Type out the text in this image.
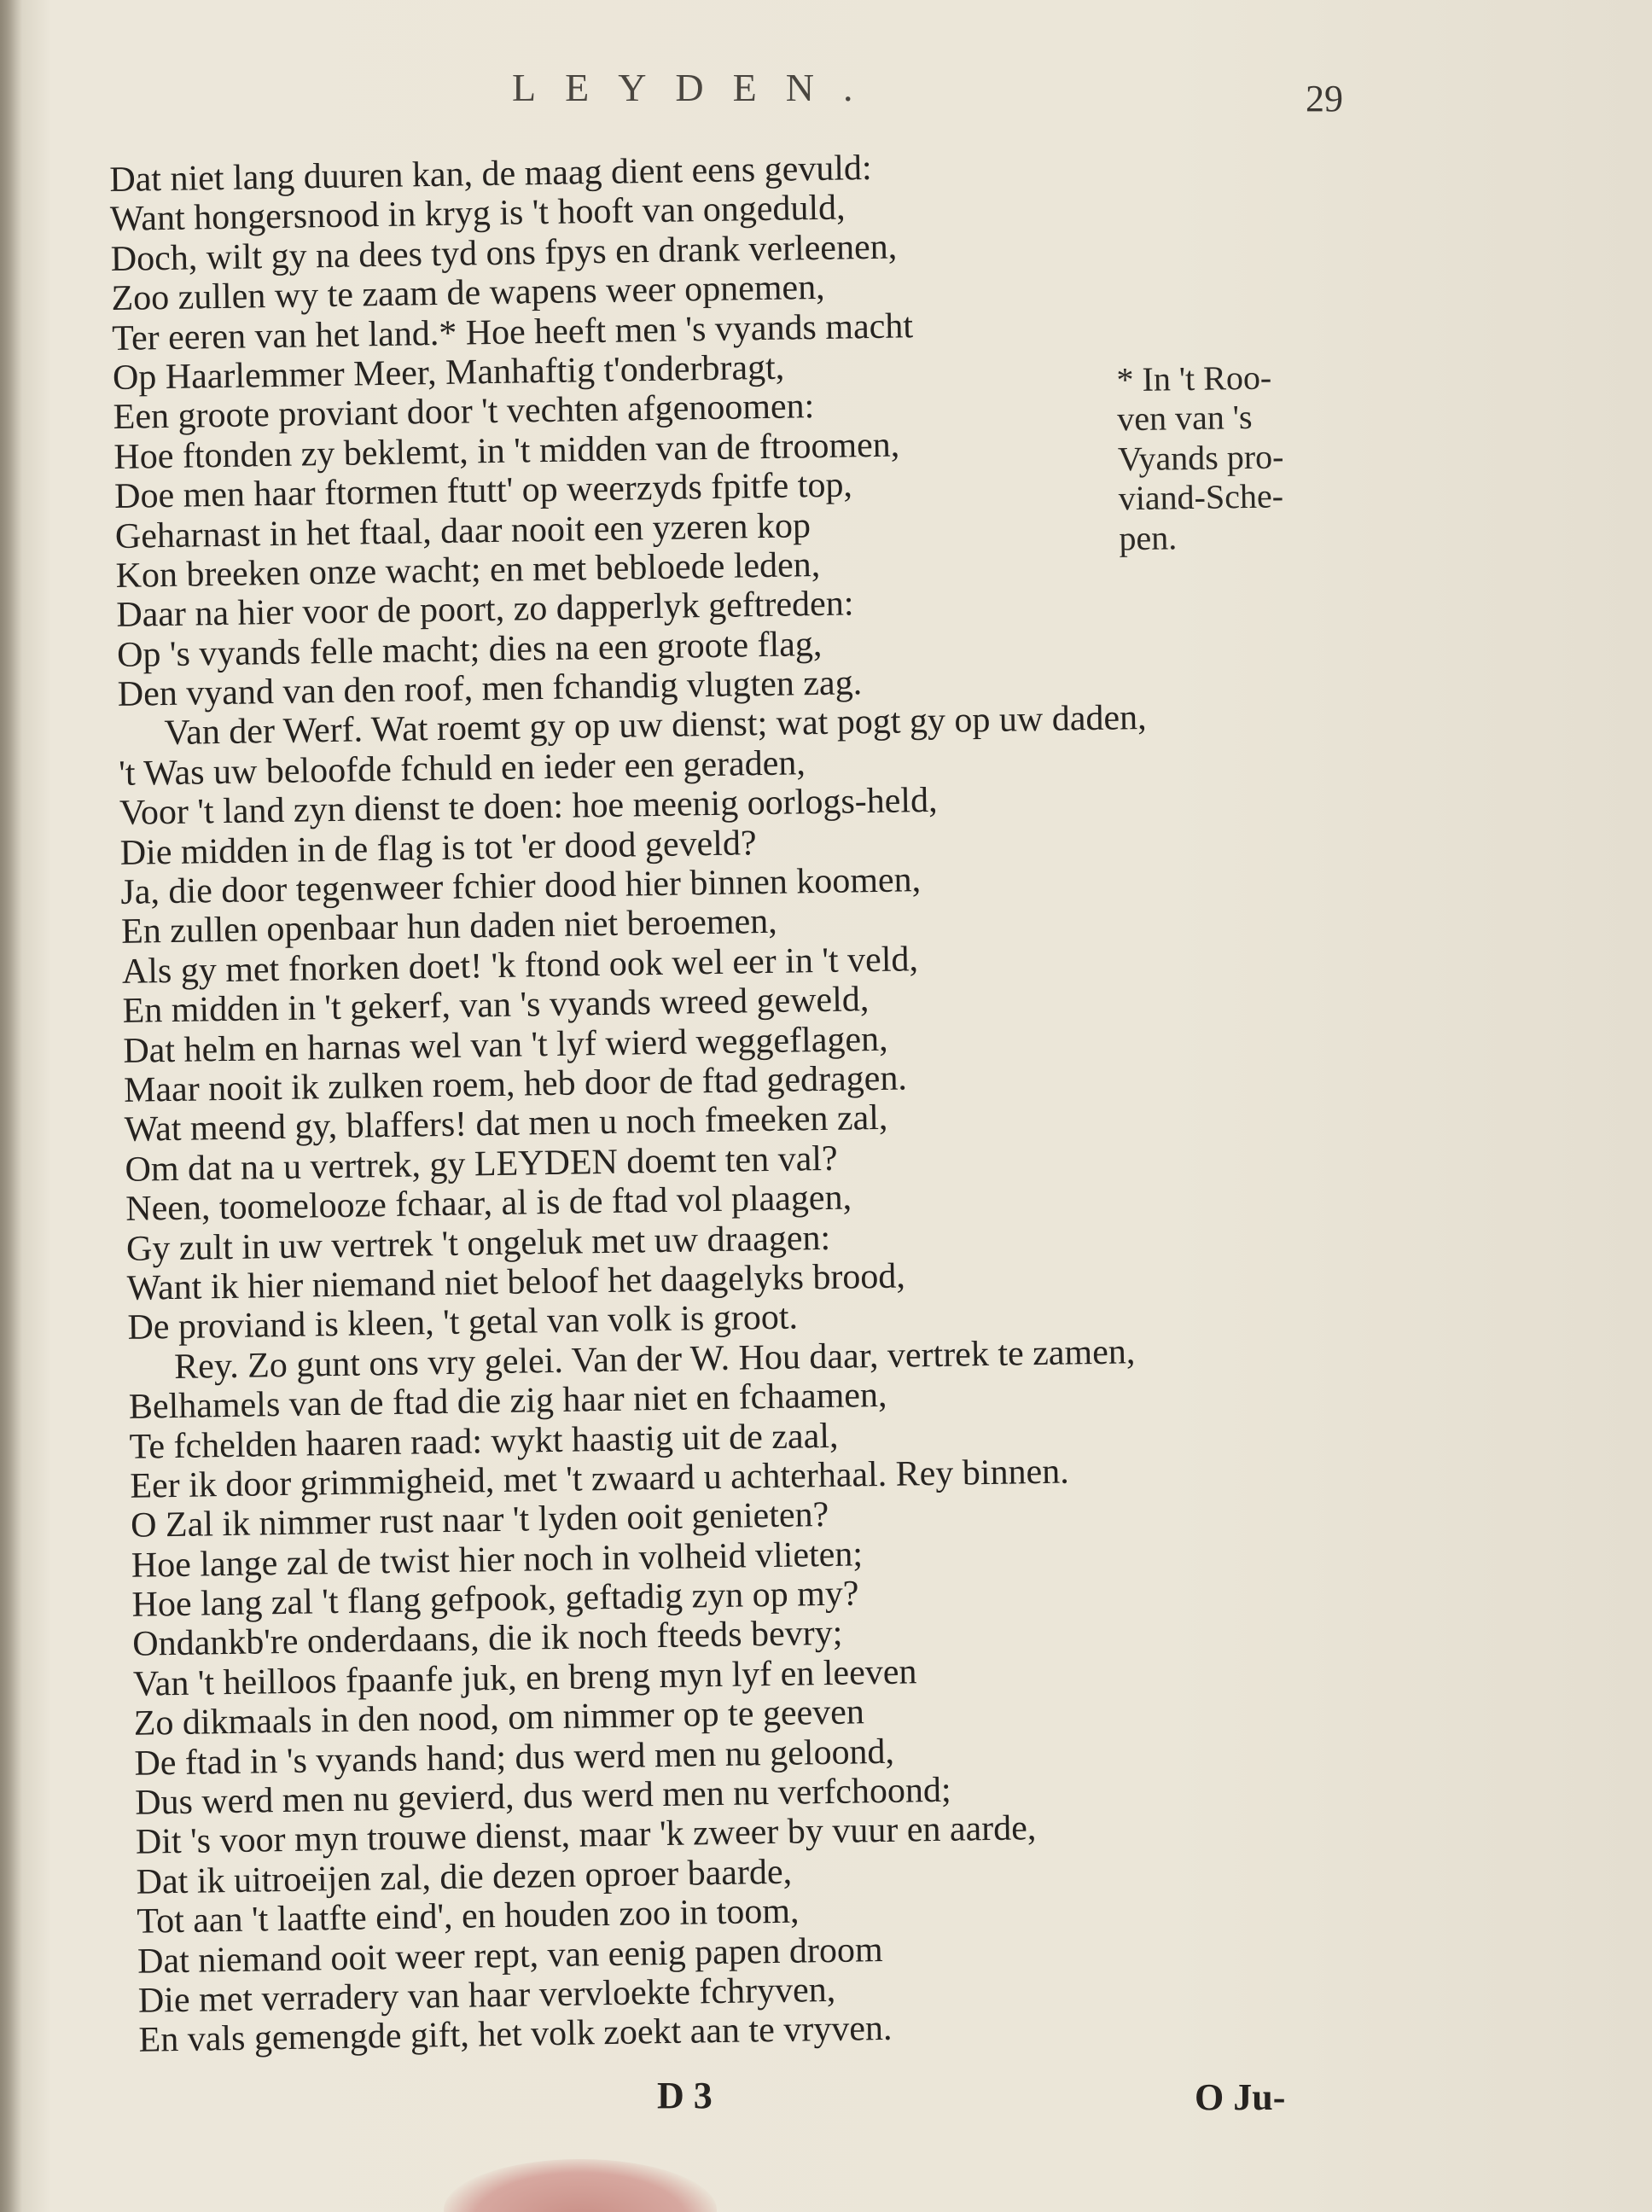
LEYDEN.	29
Dat niet lang duuren kan, de maag dient eens gevuld:
Want hongersnood in kryg is 't hooft van ongeduld,
Doch, wilt gy na dees tyd ons fpys en drank verleenen,
Zoo zullen wy te zaam de wapens weer opnemen,
Ter eeren van het land.* Hoe heeft men 's vyands macht
Op Haarlemmer Meer, Manhaftig t'onderbragt,
Een groote proviant door 't vechten afgenoomen:
Hoe ftonden zy beklemt, in 't midden van de ftroomen,
Doe men haar ftormen ftutt' op weerzyds fpitfe top,
Geharnast in het ftaal, daar nooit een yzeren kop
Kon breeken onze wacht; en met bebloede leden,
Daar na hier voor de poort, zo dapperlyk geftreden:
Op 's vyands felle macht; dies na een groote flag,
Den vyand van den roof, men fchandig vlugten zag.
Van der Werf. Wat roemt gy op uw dienst; wat pogt gy op uw daden,
't Was uw beloofde fchuld en ieder een geraden,
Voor 't land zyn dienst te doen: hoe meenig oorlogs-held,
Die midden in de flag is tot 'er dood geveld?
Ja, die door tegenweer fchier dood hier binnen koomen,
En zullen openbaar hun daden niet beroemen,
Als gy met fnorken doet! 'k ftond ook wel eer in 't veld,
En midden in 't gekerf, van 's vyands wreed geweld,
Dat helm en harnas wel van 't lyf wierd weggeflagen,
Maar nooit ik zulken roem, heb door de ftad gedragen.
Wat meend gy, blaffers! dat men u noch fmeeken zal,
Om dat na u vertrek, gy LEYDEN doemt ten val?
Neen, toomelooze fchaar, al is de ftad vol plaagen,
Gy zult in uw vertrek 't ongeluk met uw draagen:
Want ik hier niemand niet beloof het daagelyks brood,
De proviand is kleen, 't getal van volk is groot.
Rey. Zo gunt ons vry gelei. Van der W. Hou daar, vertrek te zamen,
Belhamels van de ftad die zig haar niet en fchaamen,
Te fchelden haaren raad: wykt haastig uit de zaal,
Eer ik door grimmigheid, met 't zwaard u achterhaal. Rey binnen.
O Zal ik nimmer rust naar 't lyden ooit genieten?
Hoe lange zal de twist hier noch in volheid vlieten;
Hoe lang zal 't flang gefpook, geftadig zyn op my?
Ondankb're onderdaans, die ik noch fteeds bevry;
Van 't heilloos fpaanfe juk, en breng myn lyf en leeven
Zo dikmaals in den nood, om nimmer op te geeven
De ftad in 's vyands hand; dus werd men nu geloond,
Dus werd men nu gevierd, dus werd men nu verfchoond;
Dit 's voor myn trouwe dienst, maar 'k zweer by vuur en aarde,
Dat ik uitroeijen zal, die dezen oproer baarde,
Tot aan 't laatfte eind', en houden zoo in toom,
Dat niemand ooit weer rept, van eenig papen droom
Die met verradery van haar vervloekte fchryven,
En vals gemengde gift, het volk zoekt aan te vryven.
* In 't Roo-
ven van 's
Vyands pro-
viand-Sche-
pen.
D 3	O Ju-
